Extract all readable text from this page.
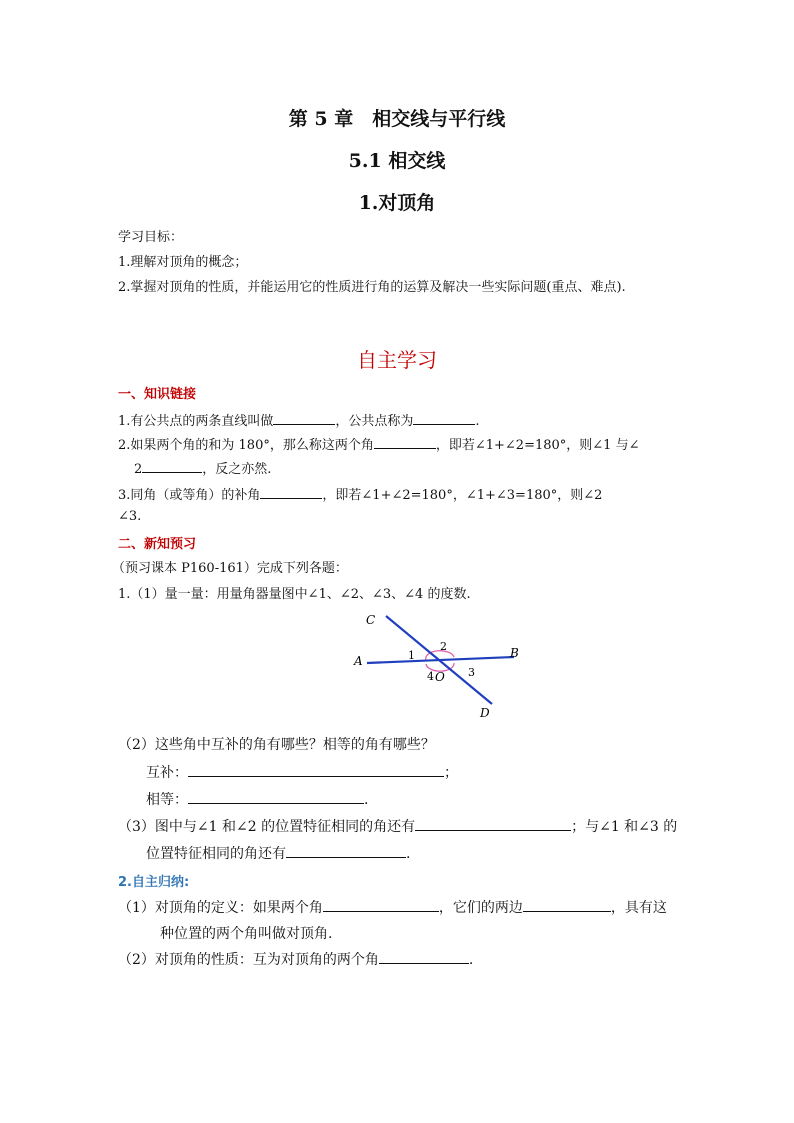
第 5 章　相交线与平行线
5.1 相交线
1.对顶角
学习目标：
1.理解对顶角的概念；
2.掌握对顶角的性质，并能运用它的性质进行角的运算及解决一些实际问题(重点、难点).
自主学习
一、知识链接
1.有公共点的两条直线叫做	，公共点称为	.
2.如果两个角的和为 180°，那么称这两个角	，即若∠1+∠2=180°，则∠1 与∠
2	，反之亦然.
3.同角（或等角）的补角	，即若∠1+∠2=180°，∠1+∠3=180°，则∠2
∠3.
二、新知预习
（预习课本 P160-161）完成下列各题：
1.（1）量一量：用量角器量图中∠1、∠2、∠3、∠4 的度数.
C
A
B
D
O
1
2
3
4
（2）这些角中互补的角有哪些？相等的角有哪些？
互补：	；
相等：	.
（3）图中与∠1 和∠2 的位置特征相同的角还有	；与∠1 和∠3 的
位置特征相同的角还有	.
2.自主归纳:
（1）对顶角的定义：如果两个角	，它们的两边	，具有这
种位置的两个角叫做对顶角.
（2）对顶角的性质：互为对顶角的两个角	.
